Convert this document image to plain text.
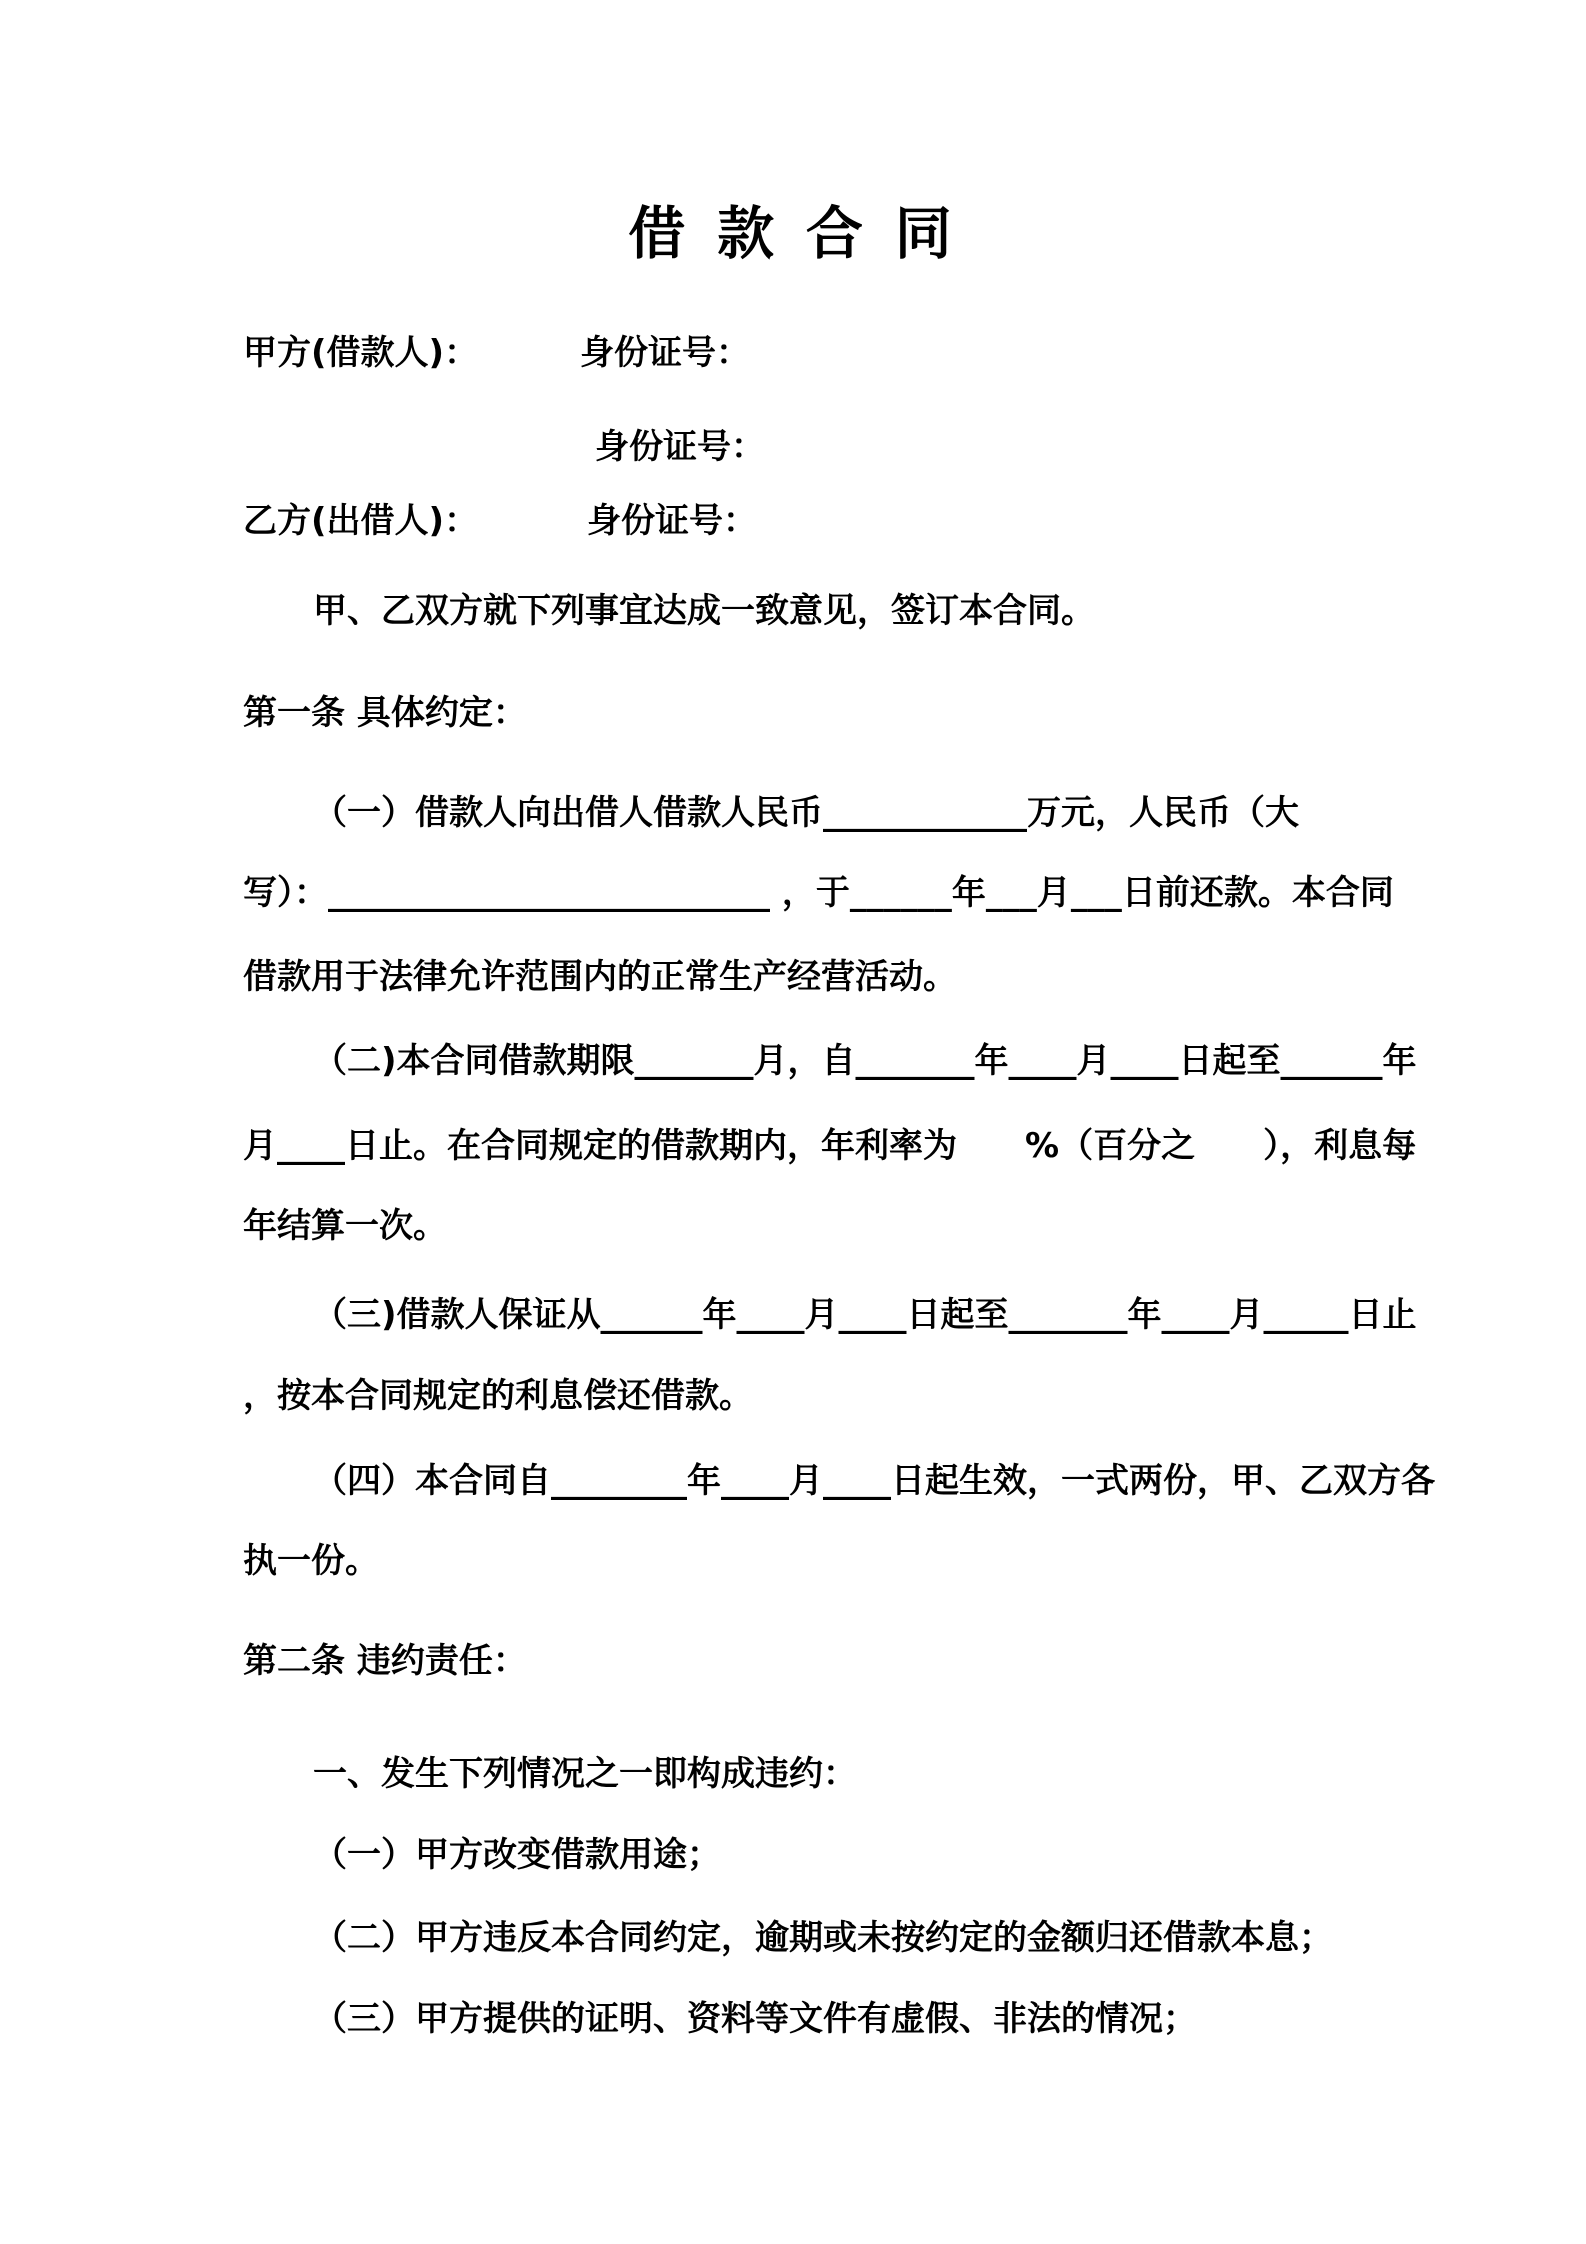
借 款 合 同
甲方(借款人)：	身份证号：
身份证号：
乙方(出借人)：	身份证号：
甲、乙双方就下列事宜达成一致意见，签订本合同。
第一条 具体约定：
（一）借款人向出借人借款人民币____________万元，人民币（大
写）：__________________________ ，于______年___月___日前还款。本合同
借款用于法律允许范围内的正常生产经营活动。
（二)本合同借款期限_______月，自_______年____月____日起至______年
月____日止。在合同规定的借款期内，年利率为　　%（百分之　　），利息每
年结算一次。
（三)借款人保证从______年____月____日起至_______年____月_____日止
，按本合同规定的利息偿还借款。
（四）本合同自________年____月____日起生效，一式两份，甲、乙双方各
执一份。
第二条 违约责任：
一、发生下列情况之一即构成违约：
（一）甲方改变借款用途；
（二）甲方违反本合同约定，逾期或未按约定的金额归还借款本息；
（三）甲方提供的证明、资料等文件有虚假、非法的情况；
